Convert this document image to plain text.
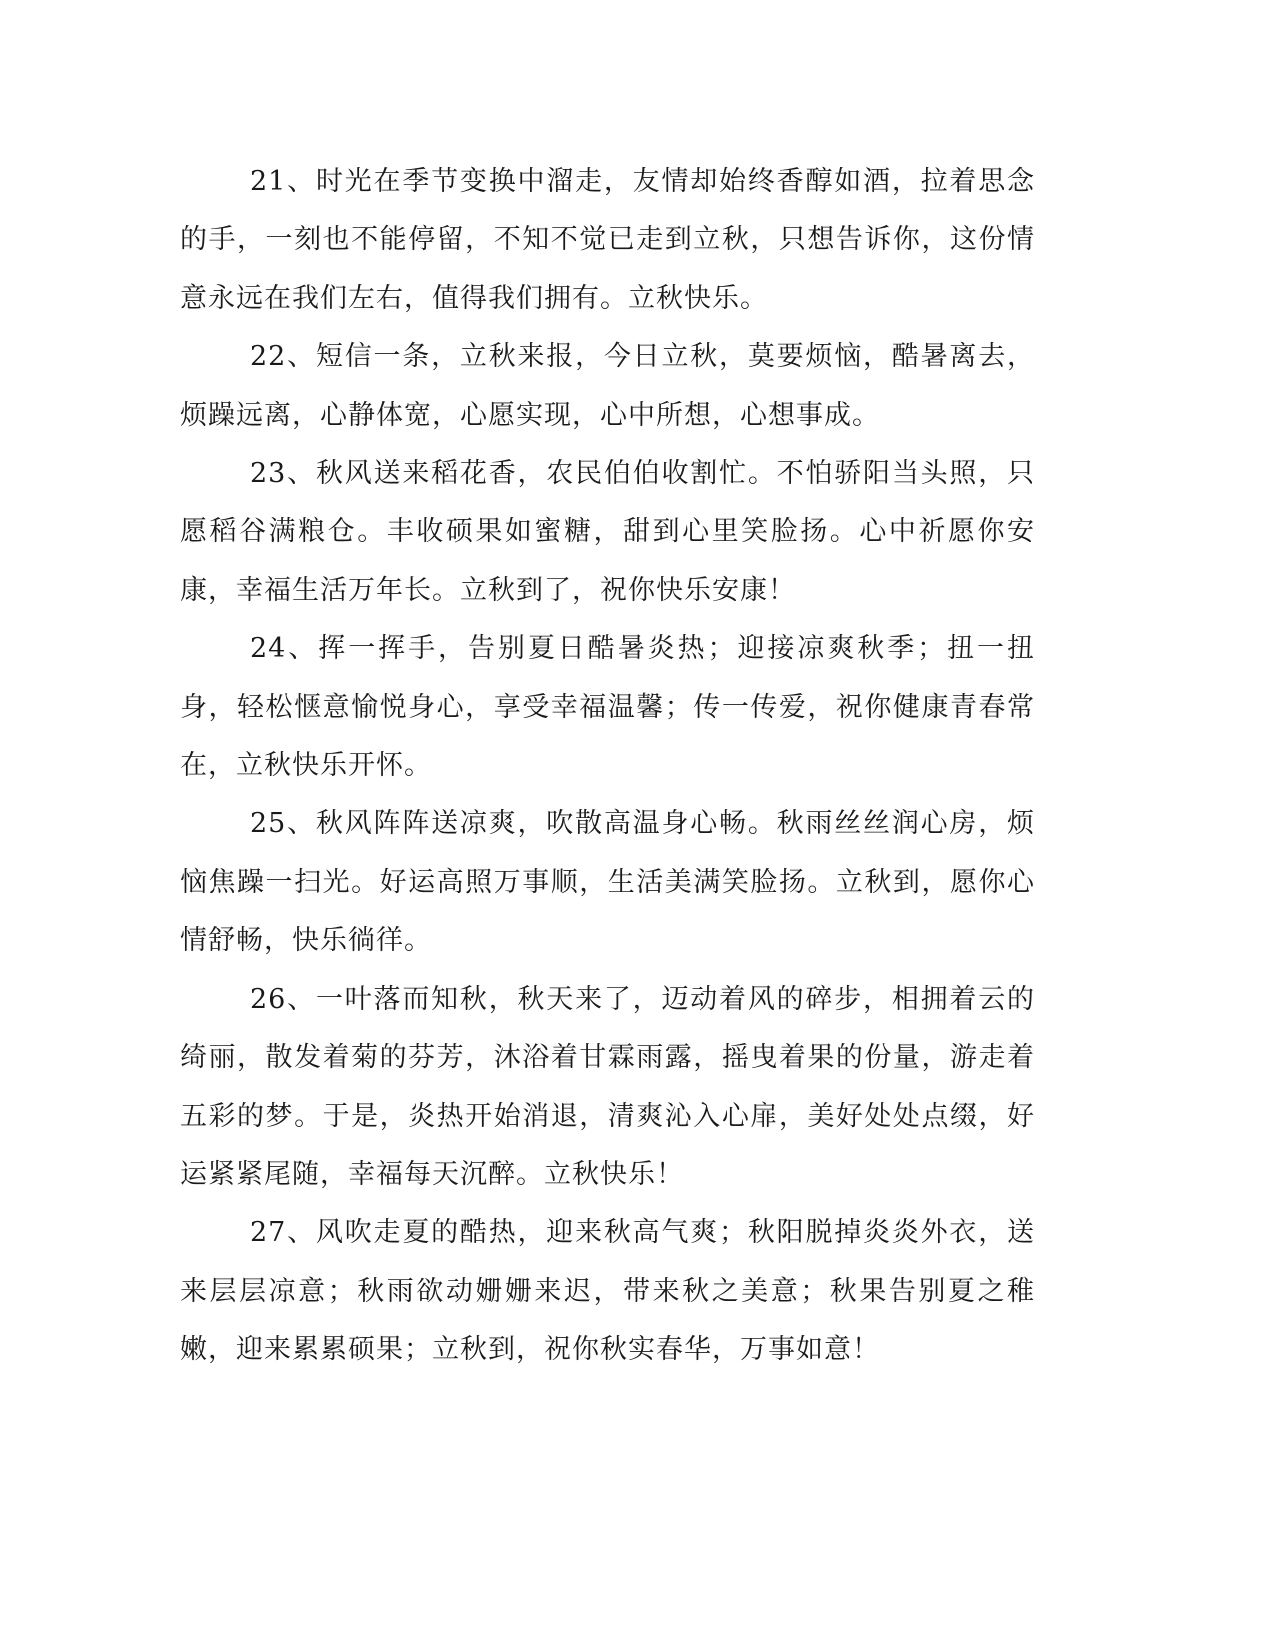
21、时光在季节变换中溜走，友情却始终香醇如酒，拉着思念的手，一刻也不能停留，不知不觉已走到立秋，只想告诉你，这份情意永远在我们左右，值得我们拥有。立秋快乐。

22、短信一条，立秋来报，今日立秋，莫要烦恼，酷暑离去，烦躁远离，心静体宽，心愿实现，心中所想，心想事成。

23、秋风送来稻花香，农民伯伯收割忙。不怕骄阳当头照，只愿稻谷满粮仓。丰收硕果如蜜糖，甜到心里笑脸扬。心中祈愿你安康，幸福生活万年长。立秋到了，祝你快乐安康！

24、挥一挥手，告别夏日酷暑炎热；迎接凉爽秋季；扭一扭身，轻松惬意愉悦身心，享受幸福温馨；传一传爱，祝你健康青春常在，立秋快乐开怀。

25、秋风阵阵送凉爽，吹散高温身心畅。秋雨丝丝润心房，烦恼焦躁一扫光。好运高照万事顺，生活美满笑脸扬。立秋到，愿你心情舒畅，快乐徜徉。

26、一叶落而知秋，秋天来了，迈动着风的碎步，相拥着云的绮丽，散发着菊的芬芳，沐浴着甘霖雨露，摇曳着果的份量，游走着五彩的梦。于是，炎热开始消退，清爽沁入心扉，美好处处点缀，好运紧紧尾随，幸福每天沉醉。立秋快乐！

27、风吹走夏的酷热，迎来秋高气爽；秋阳脱掉炎炎外衣，送来层层凉意；秋雨欲动姗姗来迟，带来秋之美意；秋果告别夏之稚嫩，迎来累累硕果；立秋到，祝你秋实春华，万事如意！
